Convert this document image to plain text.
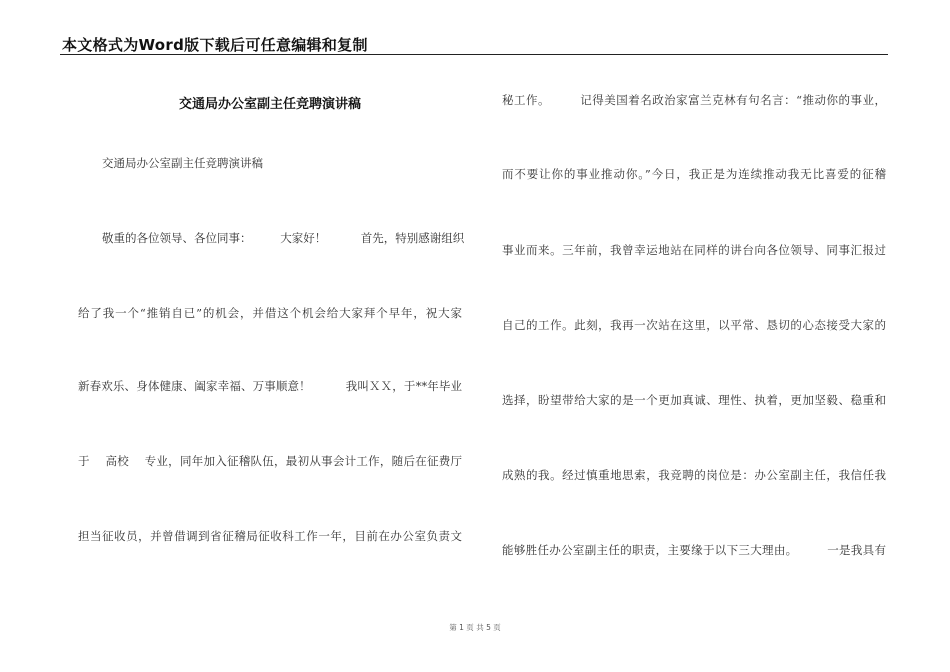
本文格式为Word版下载后可任意编辑和复制
交通局办公室副主任竞聘演讲稿
交通局办公室副主任竞聘演讲稿
敬重的各位领导、各位同事：　　　大家好！　　　首先，特别感谢组织
给了我一个“推销自已”的机会，并借这个机会给大家拜个早年，祝大家
新春欢乐、身体健康、阖家幸福、万事顺意！　　　我叫ＸＸ，于**年毕业
于　 高校　 专业，同年加入征稽队伍，最初从事会计工作，随后在征费厅
担当征收员，并曾借调到省征稽局征收科工作一年，目前在办公室负责文
秘工作。　　　记得美国着名政治家富兰克林有句名言：“推动你的事业，
而不要让你的事业推动你。”今日，我正是为连续推动我无比喜爱的征稽
事业而来。三年前，我曾幸运地站在同样的讲台向各位领导、同事汇报过
自己的工作。此刻，我再一次站在这里，以平常、恳切的心态接受大家的
选择，盼望带给大家的是一个更加真诚、理性、执着，更加坚毅、稳重和
成熟的我。经过慎重地思索，我竞聘的岗位是：办公室副主任，我信任我
能够胜任办公室副主任的职责，主要缘于以下三大理由。　　　一是我具有
第 1 页 共 5 页
